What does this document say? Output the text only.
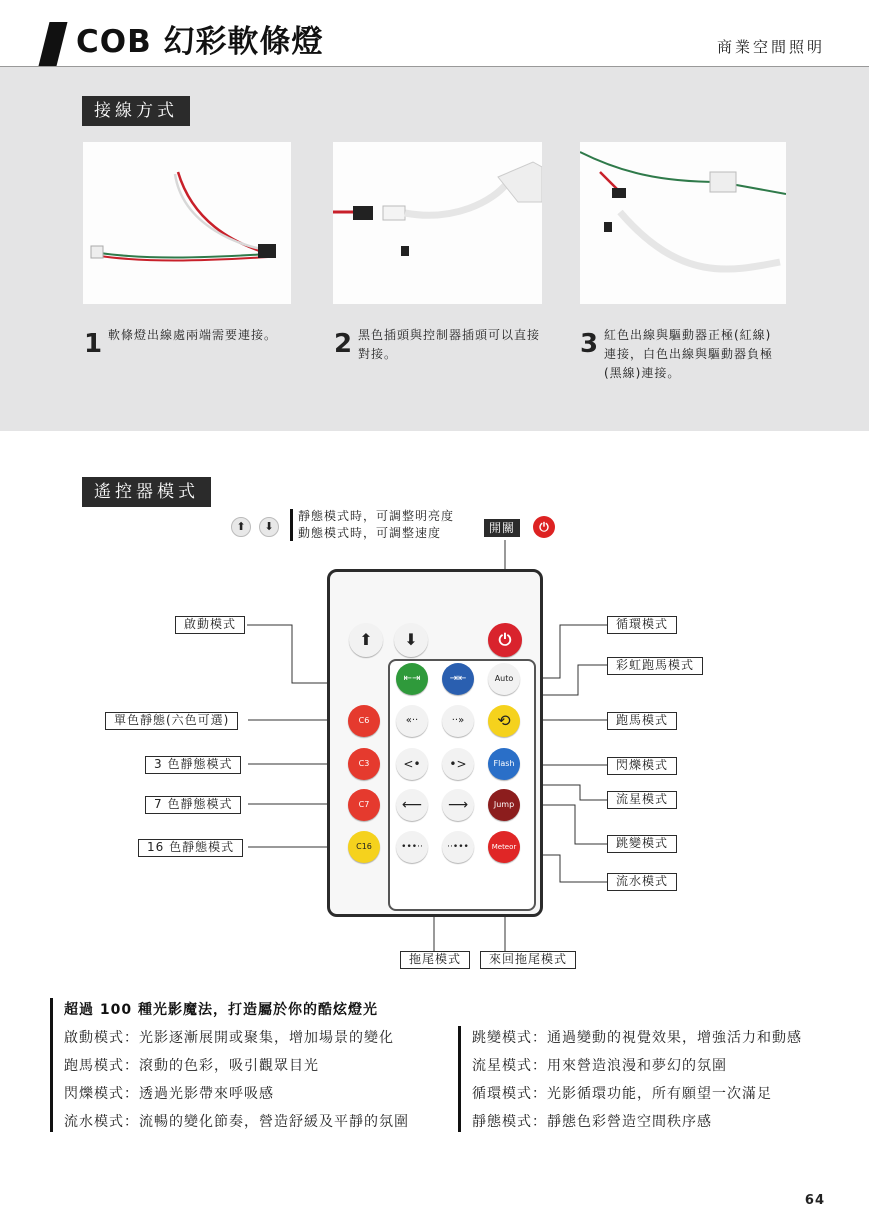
COB 幻彩軟條燈	商業空間照明
接線方式
1 軟條燈出線處兩端需要連接。 2 黑色插頭與控制器插頭可以直接
對接。	3 紅色出線與驅動器正極(紅線)
連接，白色出線與驅動器負極
(黑線)連接。
遙控器模式
⬆	⬇
靜態模式時，可調整明亮度
動態模式時，可調整速度	開關	⏻
⬆	⬇	⏻
⇤⇥	⇥⇤	Auto
C6	«··	··»	⟲
C3	<•	•>	Flash
C7	⟵	⟶	Jump
C16	•••··	··•••	Meteor
啟動模式
單色靜態(六色可選)
3 色靜態模式
7 色靜態模式
16 色靜態模式
循環模式
彩虹跑馬模式
跑馬模式
閃爍模式
流星模式
跳變模式
流水模式
拖尾模式	來回拖尾模式
超過 100 種光影魔法，打造屬於你的酷炫燈光
啟動模式：光影逐漸展開或聚集，增加場景的變化
跑馬模式：滾動的色彩，吸引觀眾目光
閃爍模式：透過光影帶來呼吸感
流水模式：流暢的變化節奏，營造舒緩及平靜的氛圍
跳變模式：通過變動的視覺效果，增強活力和動感
流星模式：用來營造浪漫和夢幻的氛圍
循環模式：光影循環功能，所有願望一次滿足
靜態模式：靜態色彩營造空間秩序感
64
